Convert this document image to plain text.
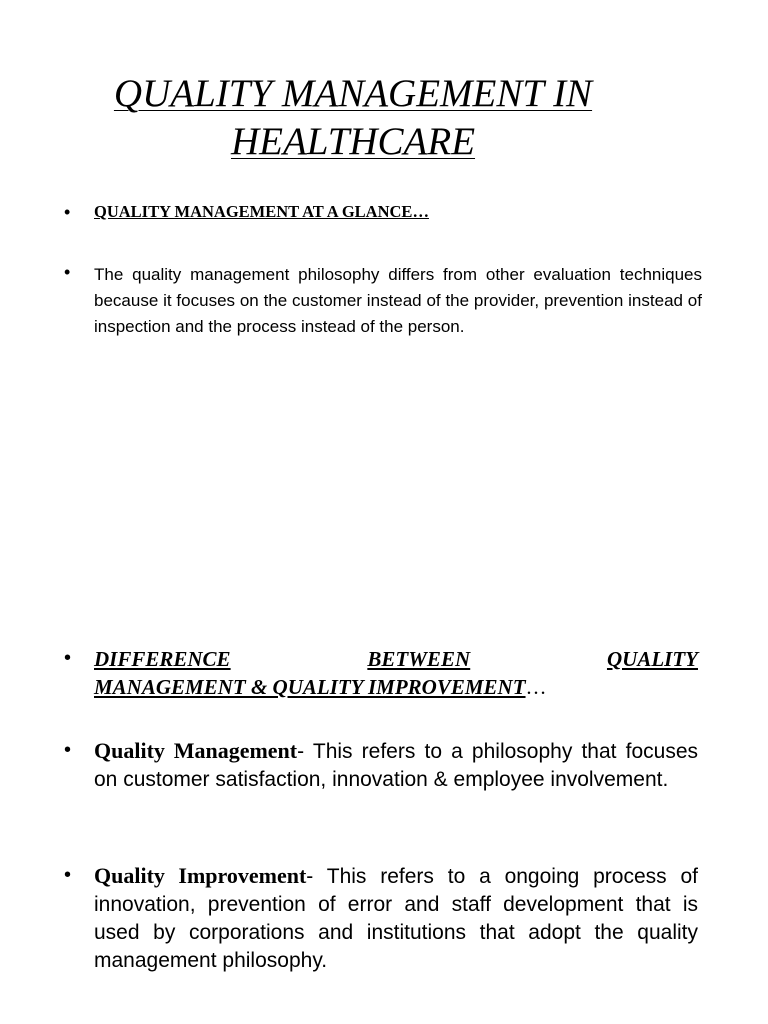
QUALITY MANAGEMENT IN
HEALTHCARE
• QUALITY MANAGEMENT AT A GLANCE…
• The quality management philosophy differs from other evaluation techniques because it focuses on the customer instead of the provider, prevention instead of inspection and the process instead of the person.
• DIFFERENCE	BETWEEN	QUALITY
MANAGEMENT & QUALITY IMPROVEMENT…
• Quality Management- This refers to a philosophy that focuses on customer satisfaction, innovation & employee involvement.
• Quality Improvement- This refers to a ongoing process of innovation, prevention of error and staff development that is used by corporations and institutions that adopt the quality management philosophy.
